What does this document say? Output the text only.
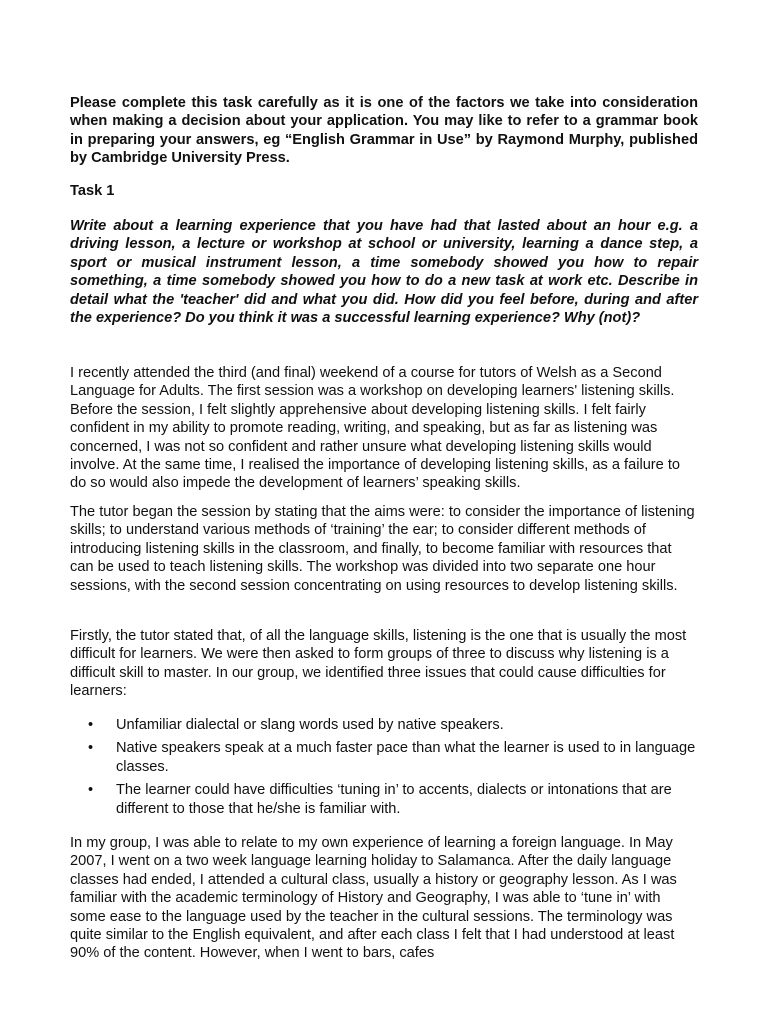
Please complete this task carefully as it is one of the factors we take into consideration when making a decision about your application. You may like to refer to a grammar book in preparing your answers, eg “English Grammar in Use” by Raymond Murphy, published by Cambridge University Press.

Task 1

Write about a learning experience that you have had that lasted about an hour e.g. a driving lesson, a lecture or workshop at school or university, learning a dance step, a sport or musical instrument lesson, a time somebody showed you how to repair something, a time somebody showed you how to do a new task at work etc. Describe in detail what the 'teacher' did and what you did. How did you feel before, during and after the experience? Do you think it was a successful learning experience? Why (not)?

I recently attended the third (and final) weekend of a course for tutors of Welsh as a Second Language for Adults. The first session was a workshop on developing learners' listening skills. Before the session, I felt slightly apprehensive about developing listening skills. I felt fairly confident in my ability to promote reading, writing, and speaking, but as far as listening was concerned, I was not so confident and rather unsure what developing listening skills would involve. At the same time, I realised the importance of developing listening skills, as a failure to do so would also impede the development of learners’ speaking skills.

The tutor began the session by stating that the aims were: to consider the importance of listening skills; to understand various methods of ‘training’ the ear; to consider different methods of introducing listening skills in the classroom, and finally, to become familiar with resources that can be used to teach listening skills. The workshop was divided into two separate one hour sessions, with the second session concentrating on using resources to develop listening skills.

Firstly, the tutor stated that, of all the language skills, listening is the one that is usually the most difficult for learners. We were then asked to form groups of three to discuss why listening is a difficult skill to master. In our group, we identified three issues that could cause difficulties for learners:

• Unfamiliar dialectal or slang words used by native speakers.
• Native speakers speak at a much faster pace than what the learner is used to in language classes.
• The learner could have difficulties ‘tuning in’ to accents, dialects or intonations that are different to those that he/she is familiar with.

In my group, I was able to relate to my own experience of learning a foreign language. In May 2007, I went on a two week language learning holiday to Salamanca. After the daily language classes had ended, I attended a cultural class, usually a history or geography lesson. As I was familiar with the academic terminology of History and Geography, I was able to ‘tune in’ with some ease to the language used by the teacher in the cultural sessions. The terminology was quite similar to the English equivalent, and after each class I felt that I had understood at least 90% of the content. However, when I went to bars, cafes
